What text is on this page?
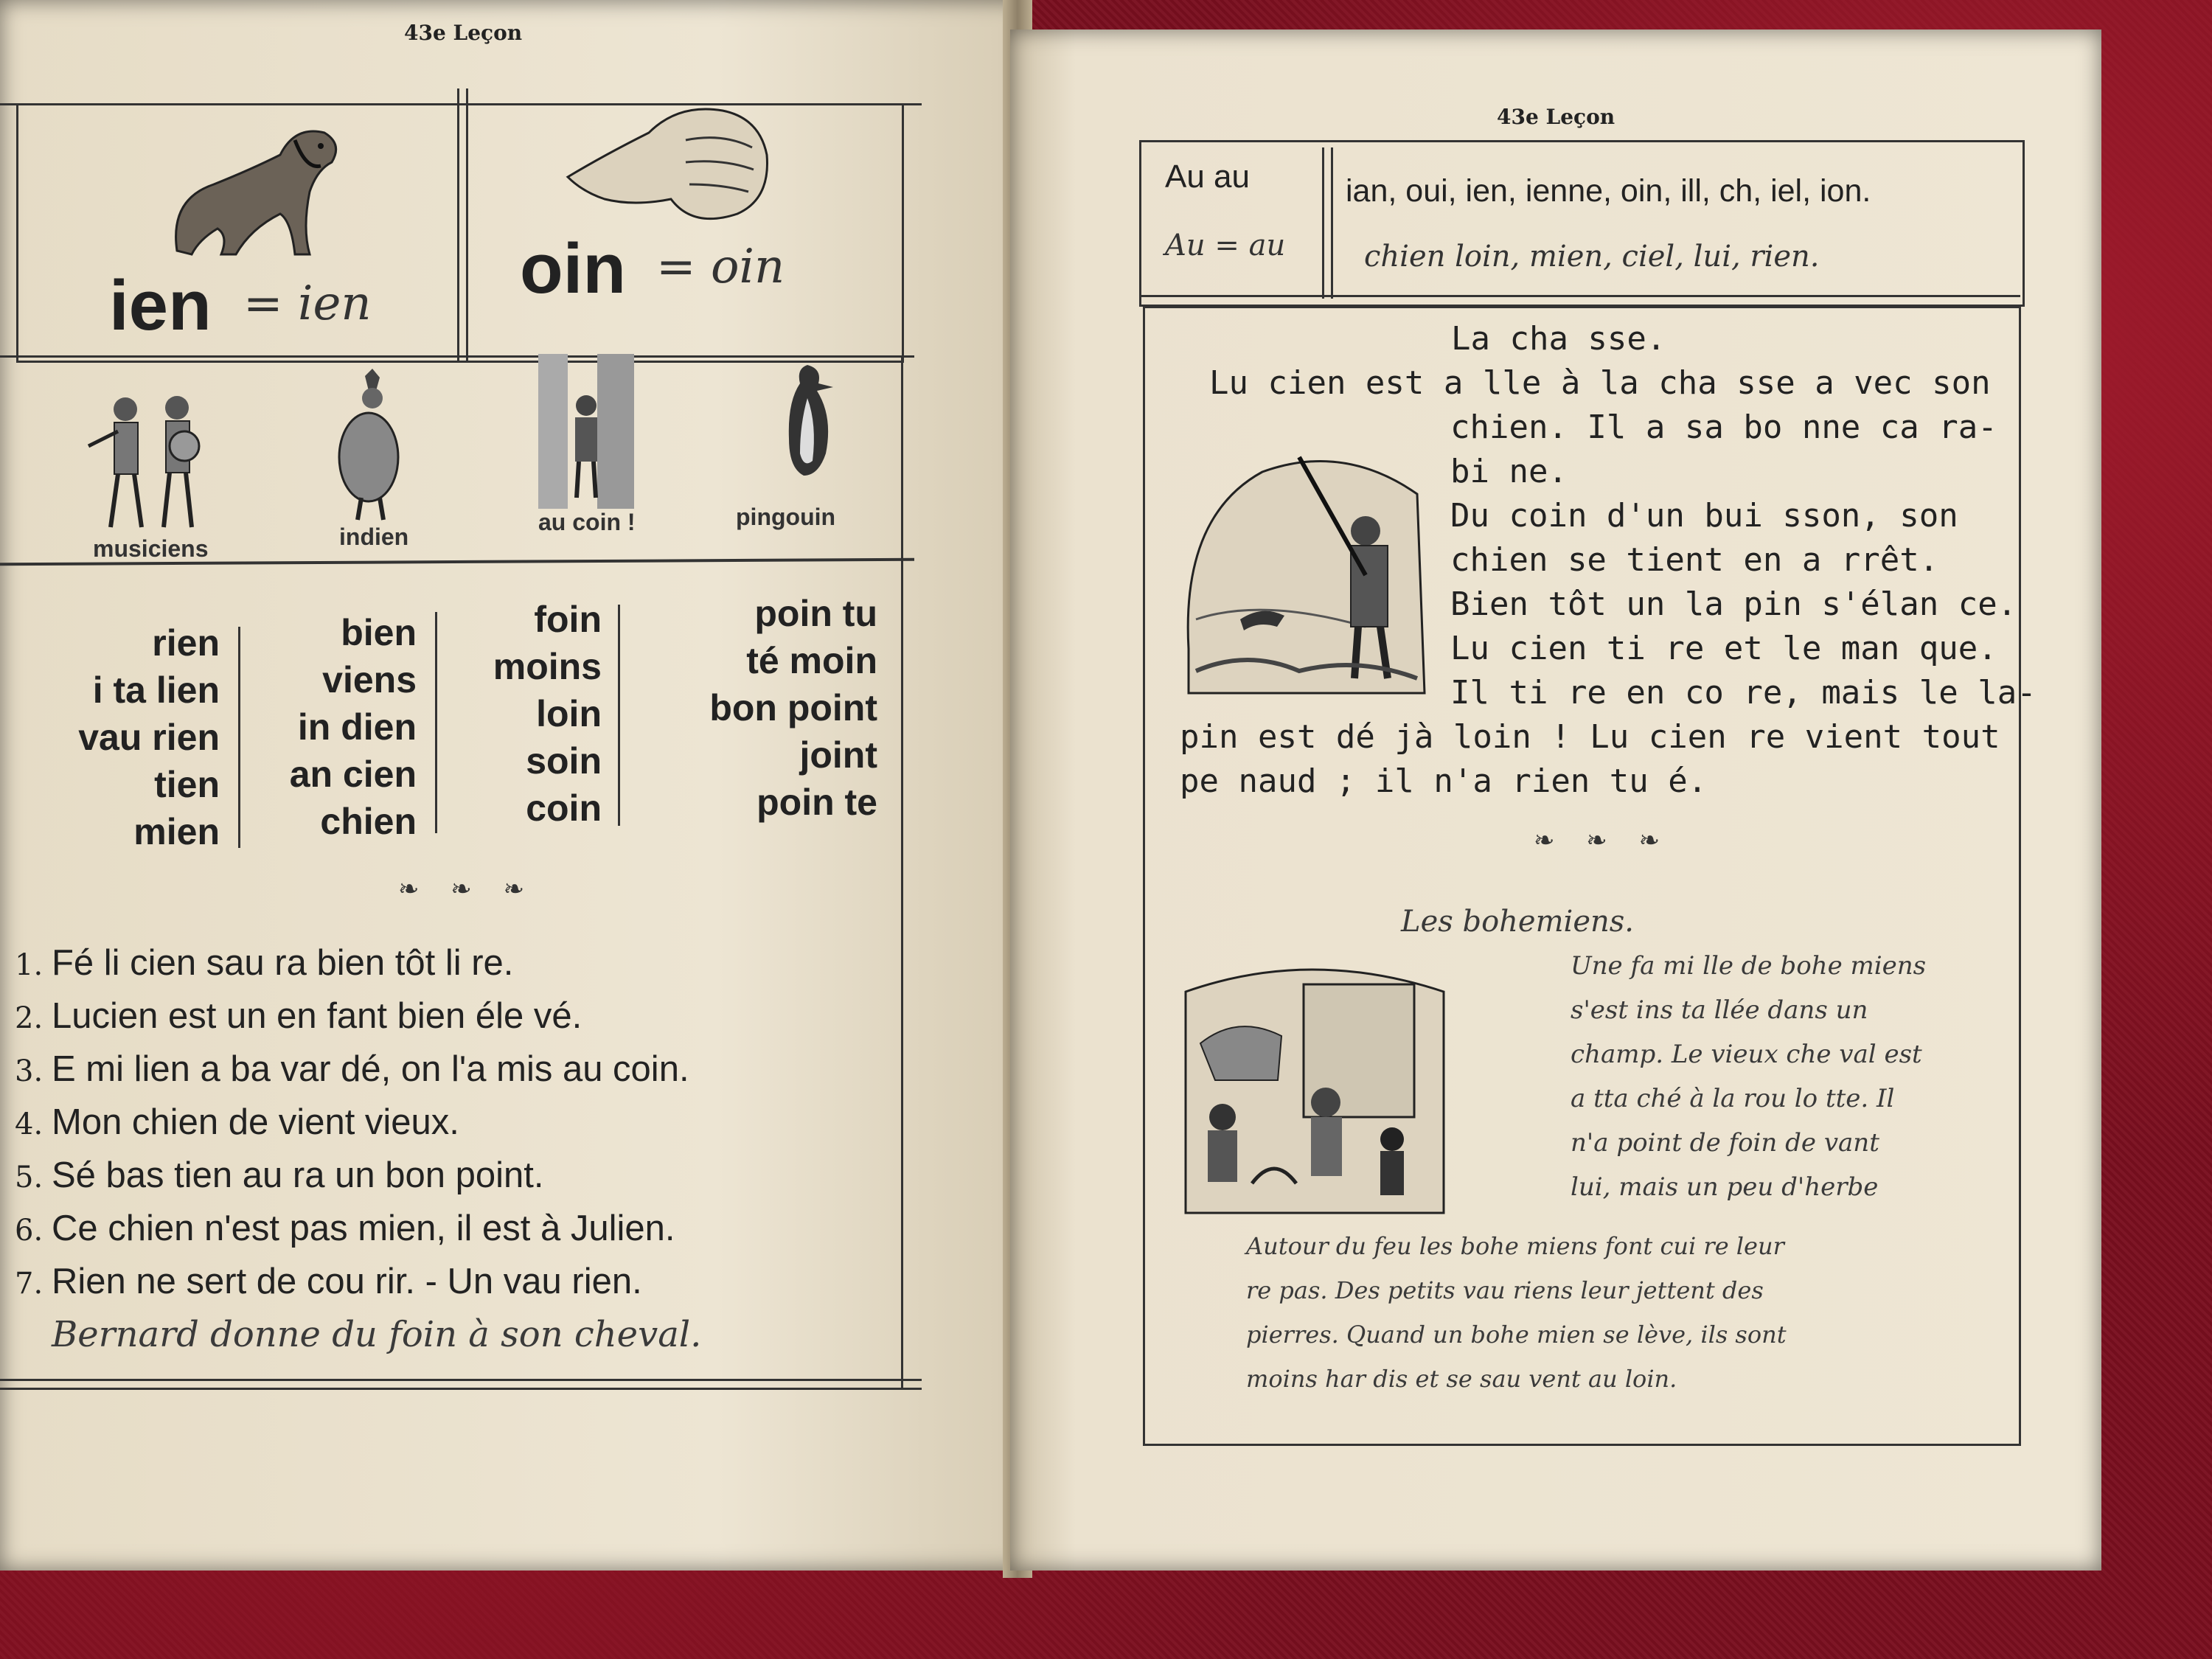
43e Leçon
ien = ien oin = oin
musiciens	indien
au coin !	pingouin
rien
i ta lien
vau rien
tien
mien
bien
viens
in dien
an cien
chien
foin
moins
loin
soin
coin
poin tu
té moin
bon point
joint
poin te
❧ ❧ ❧
1. Fé li cien sau ra bien tôt li re.
2. Lucien est un en fant bien éle vé.
3. E mi lien a ba var dé, on l'a mis au coin.
4. Mon chien de vient vieux.
5. Sé bas tien au ra un bon point.
6. Ce chien n'est pas mien, il est à Julien.
7. Rien ne sert de cou rir. - Un vau rien.
Bernard donne du foin à son cheval.
43e Leçon
Au au
Au = au
ian, oui, ien, ienne, oin, ill, ch, iel, ion.
chien loin, mien, ciel, lui, rien.
La cha sse.
Lu cien est a lle à la cha sse a vec son
chien. Il a sa bo nne ca ra-
bi ne.
Du coin d'un bui sson, son
chien se tient en a rrêt.
Bien tôt un la pin s'élan ce.
Lu cien ti re et le man que.
Il ti re en co re, mais le la-
pin est dé jà loin ! Lu cien re vient tout
pe naud ; il n'a rien tu é.
❧ ❧ ❧
Les bohemiens.
Une fa mi lle de bohe miens
s'est ins ta llée dans un
champ. Le vieux che val est
a tta ché à la rou lo tte. Il
n'a point de foin de vant
lui, mais un peu d'herbe
Autour du feu les bohe miens font cui re leur
re pas. Des petits vau riens leur jettent des
pierres. Quand un bohe mien se lève, ils sont
moins har dis et se sau vent au loin.
